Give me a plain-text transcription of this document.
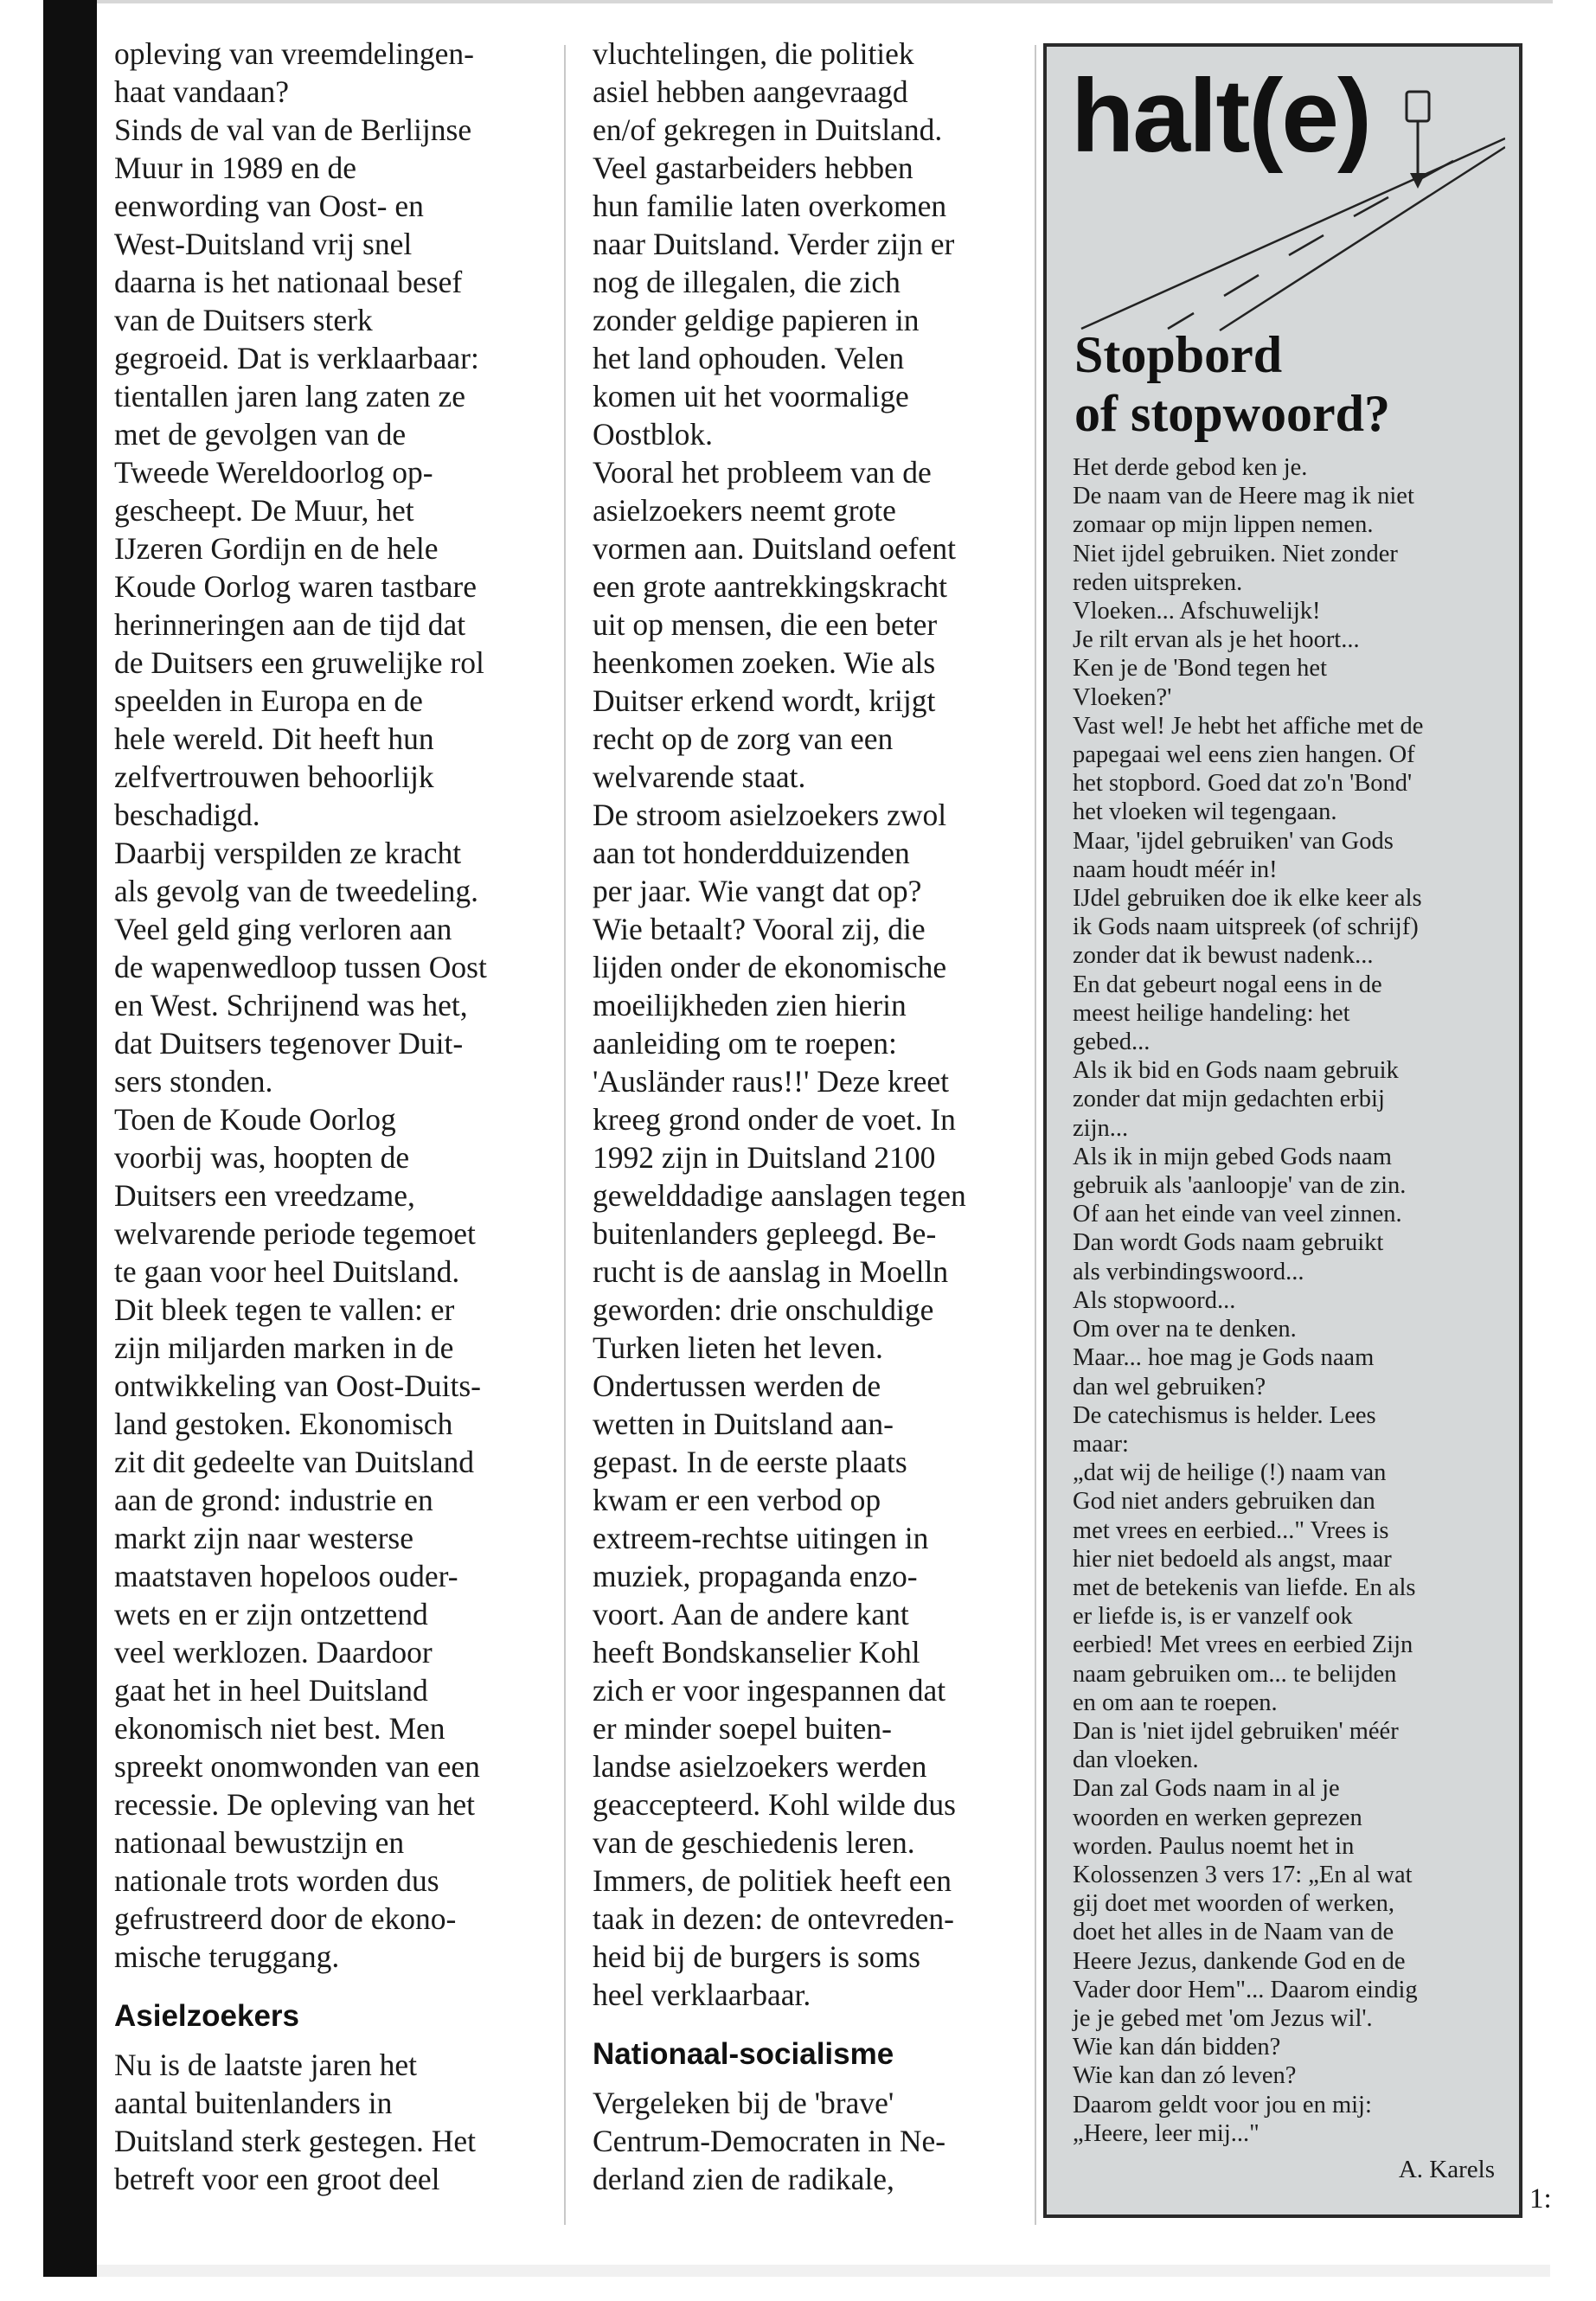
opleving van vreemdelingen-
haat vandaan?
Sinds de val van de Berlijnse
Muur in 1989 en de
eenwording van Oost- en
West-Duitsland vrij snel
daarna is het nationaal besef
van de Duitsers sterk
gegroeid. Dat is verklaarbaar:
tientallen jaren lang zaten ze
met de gevolgen van de
Tweede Wereldoorlog op-
gescheept. De Muur, het
IJzeren Gordijn en de hele
Koude Oorlog waren tastbare
herinneringen aan de tijd dat
de Duitsers een gruwelijke rol
speelden in Europa en de
hele wereld. Dit heeft hun
zelfvertrouwen behoorlijk
beschadigd.
Daarbij verspilden ze kracht
als gevolg van de tweedeling.
Veel geld ging verloren aan
de wapenwedloop tussen Oost
en West. Schrijnend was het,
dat Duitsers tegenover Duit-
sers stonden.
Toen de Koude Oorlog
voorbij was, hoopten de
Duitsers een vreedzame,
welvarende periode tegemoet
te gaan voor heel Duitsland.
Dit bleek tegen te vallen: er
zijn miljarden marken in de
ontwikkeling van Oost-Duits-
land gestoken. Ekonomisch
zit dit gedeelte van Duitsland
aan de grond: industrie en
markt zijn naar westerse
maatstaven hopeloos ouder-
wets en er zijn ontzettend
veel werklozen. Daardoor
gaat het in heel Duitsland
ekonomisch niet best. Men
spreekt onomwonden van een
recessie. De opleving van het
nationaal bewustzijn en
nationale trots worden dus
gefrustreerd door de ekono-
mische teruggang.

Asielzoekers

Nu is de laatste jaren het
aantal buitenlanders in
Duitsland sterk gestegen. Het
betreft voor een groot deel

vluchtelingen, die politiek
asiel hebben aangevraagd
en/of gekregen in Duitsland.
Veel gastarbeiders hebben
hun familie laten overkomen
naar Duitsland. Verder zijn er
nog de illegalen, die zich
zonder geldige papieren in
het land ophouden. Velen
komen uit het voormalige
Oostblok.
Vooral het probleem van de
asielzoekers neemt grote
vormen aan. Duitsland oefent
een grote aantrekkingskracht
uit op mensen, die een beter
heenkomen zoeken. Wie als
Duitser erkend wordt, krijgt
recht op de zorg van een
welvarende staat.
De stroom asielzoekers zwol
aan tot honderdduizenden
per jaar. Wie vangt dat op?
Wie betaalt? Vooral zij, die
lijden onder de ekonomische
moeilijkheden zien hierin
aanleiding om te roepen:
'Ausländer raus!!' Deze kreet
kreeg grond onder de voet. In
1992 zijn in Duitsland 2100
gewelddadige aanslagen tegen
buitenlanders gepleegd. Be-
rucht is de aanslag in Moelln
geworden: drie onschuldige
Turken lieten het leven.
Ondertussen werden de
wetten in Duitsland aan-
gepast. In de eerste plaats
kwam er een verbod op
extreem-rechtse uitingen in
muziek, propaganda enzo-
voort. Aan de andere kant
heeft Bondskanselier Kohl
zich er voor ingespannen dat
er minder soepel buiten-
landse asielzoekers werden
geaccepteerd. Kohl wilde dus
van de geschiedenis leren.
Immers, de politiek heeft een
taak in dezen: de ontevreden-
heid bij de burgers is soms
heel verklaarbaar.

Nationaal-socialisme

Vergeleken bij de 'brave'
Centrum-Democraten in Ne-
derland zien de radikale,

halt(e)
Stopbord
of stopwoord?

Het derde gebod ken je.
De naam van de Heere mag ik niet
zomaar op mijn lippen nemen.
Niet ijdel gebruiken. Niet zonder
reden uitspreken.
Vloeken... Afschuwelijk!
Je rilt ervan als je het hoort...
Ken je de 'Bond tegen het
Vloeken?'
Vast wel! Je hebt het affiche met de
papegaai wel eens zien hangen. Of
het stopbord. Goed dat zo'n 'Bond'
het vloeken wil tegengaan.
Maar, 'ijdel gebruiken' van Gods
naam houdt méér in!
IJdel gebruiken doe ik elke keer als
ik Gods naam uitspreek (of schrijf)
zonder dat ik bewust nadenk...
En dat gebeurt nogal eens in de
meest heilige handeling: het
gebed...
Als ik bid en Gods naam gebruik
zonder dat mijn gedachten erbij
zijn...
Als ik in mijn gebed Gods naam
gebruik als 'aanloopje' van de zin.
Of aan het einde van veel zinnen.
Dan wordt Gods naam gebruikt
als verbindingswoord...
Als stopwoord...
Om over na te denken.
Maar... hoe mag je Gods naam
dan wel gebruiken?
De catechismus is helder. Lees
maar:
„dat wij de heilige (!) naam van
God niet anders gebruiken dan
met vrees en eerbied..." Vrees is
hier niet bedoeld als angst, maar
met de betekenis van liefde. En als
er liefde is, is er vanzelf ook
eerbied! Met vrees en eerbied Zijn
naam gebruiken om... te belijden
en om aan te roepen.
Dan is 'niet ijdel gebruiken' méér
dan vloeken.
Dan zal Gods naam in al je
woorden en werken geprezen
worden. Paulus noemt het in
Kolossenzen 3 vers 17: „En al wat
gij doet met woorden of werken,
doet het alles in de Naam van de
Heere Jezus, dankende God en de
Vader door Hem"... Daarom eindig
je je gebed met 'om Jezus wil'.
Wie kan dán bidden?
Wie kan dan zó leven?
Daarom geldt voor jou en mij:
„Heere, leer mij..."

A. Karels
1:
